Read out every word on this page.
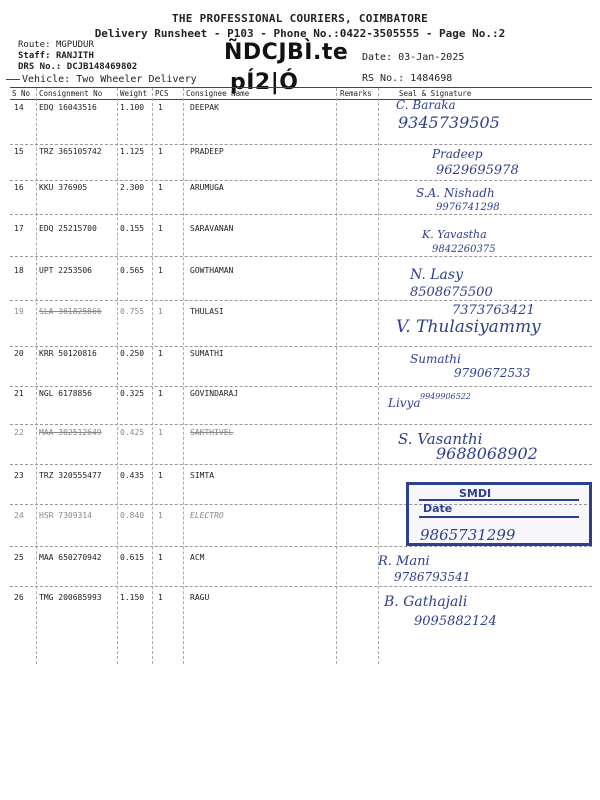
THE PROFESSIONAL COURIERS, COIMBATORE
Delivery Runsheet - P103 - Phone No.:0422-3505555 - Page No.:2
Route: MGPUDUR
Staff: RANJITH
DRS No.: DCJB148469802
Vehicle: Two Wheeler Delivery
ÑDCJBÌ.te
pÍ2|Ó
Date: 03-Jan-2025
RS No.: 1484698
S No Consignment No Weight PCS Consignee Name	Remarks	Seal & Signature
14 EDQ 16043516	1.100 1	DEEPAK	C. Baraka
9345739505
15 TRZ 365105742 1.125 1	PRADEEP	Pradeep
9629695978
16 KKU 376905	2.300 1	ARUMUGA	S.A. Nishadh
9976741298
17 EDQ 25215700	0.155 1	SARAVANAN	K. Yavastha
9842260375
18 UPT 2253506	0.565 1	GOWTHAMAN	N. Lasy
8508675500
19 SLA 361825866 0.755 1	THULASI
V. Thulasiyammy
7373763421
20 KRR 50120816	0.250 1	SUMATHI	Sumathi
9790672533
21 NGL 6178856	0.325 1	GOVINDARAJ
Livya 9949906522
22 MAA 302512649 0.425 1	SAKTHIVEL	S. Vasanthi
9688068902
23 TRZ 320555477 0.435 1	SIMTA
24 HSR 7309314	0.840 1	ELECTRO
9865731299
25 MAA 650270942 0.615 1	ACM	R. Mani
9786793541
26 TMG 200685993 1.150 1	RAGU	B. Gathajali
9095882124
SMDI
Date
